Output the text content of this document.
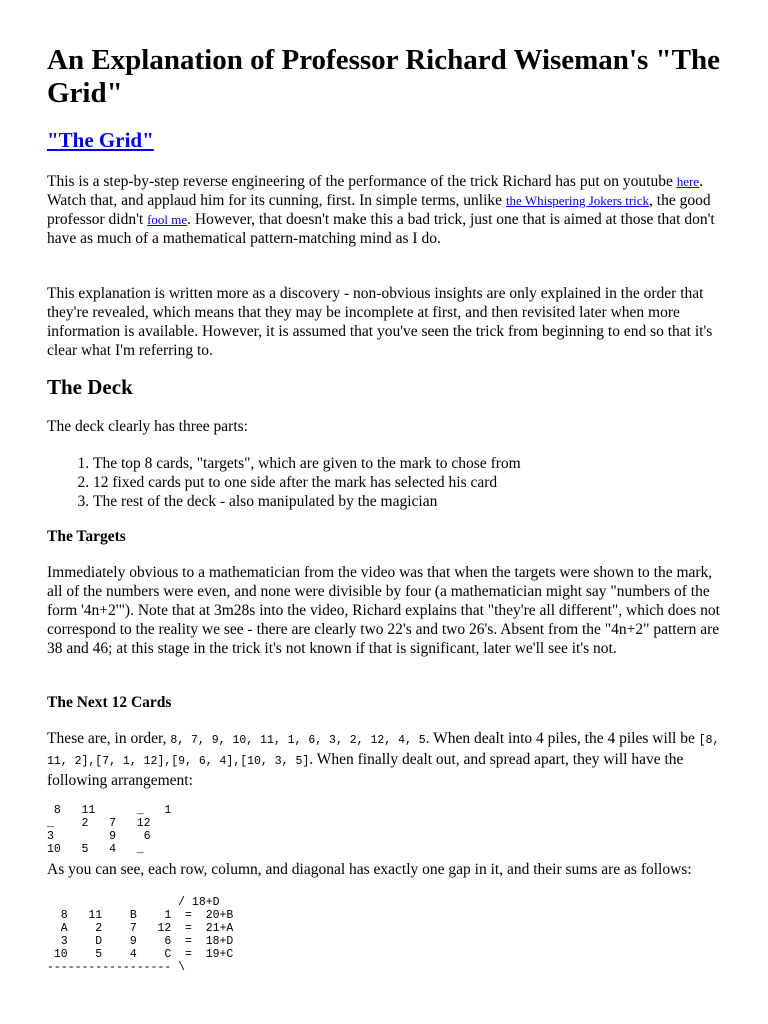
An Explanation of Professor Richard Wiseman's "The Grid"
"The Grid"

This is a step-by-step reverse engineering of the performance of the trick Richard has put on youtube here. Watch that, and applaud him for its cunning, first. In simple terms, unlike the Whispering Jokers trick, the good professor didn't fool me. However, that doesn't make this a bad trick, just one that is aimed at those that don't have as much of a mathematical pattern-matching mind as I do.

This explanation is written more as a discovery - non-obvious insights are only explained in the order that they're revealed, which means that they may be incomplete at first, and then revisited later when more information is available. However, it is assumed that you've seen the trick from beginning to end so that it's clear what I'm referring to.

The Deck

The deck clearly has three parts:

1. The top 8 cards, "targets", which are given to the mark to chose from
2. 12 fixed cards put to one side after the mark has selected his card
3. The rest of the deck - also manipulated by the magician
The Targets

Immediately obvious to a mathematician from the video was that when the targets were shown to the mark, all of the numbers were even, and none were divisible by four (a mathematician might say "numbers of the form '4n+2'"). Note that at 3m28s into the video, Richard explains that "they're all different", which does not correspond to the reality we see - there are clearly two 22's and two 26's. Absent from the "4n+2" pattern are 38 and 46; at this stage in the trick it's not known if that is significant, later we'll see it's not.

The Next 12 Cards

These are, in order, 8, 7, 9, 10, 11, 1, 6, 3, 2, 12, 4, 5. When dealt into 4 piles, the 4 piles will be [8, 11, 2],[7, 1, 12],[9, 6, 4],[10, 3, 5]. When finally dealt out, and spread apart, they will have the following arrangement:

8   11      _   1
_    2   7   12
3        9    6
10   5   4   _

As you can see, each row, column, and diagonal has exactly one gap in it, and their sums are as follows:

/ 18+D
8   11    B    1  =  20+B
A    2    7   12  =  21+A
3    D    9    6  =  18+D
10    5    4    C  =  19+C
------------------ \
